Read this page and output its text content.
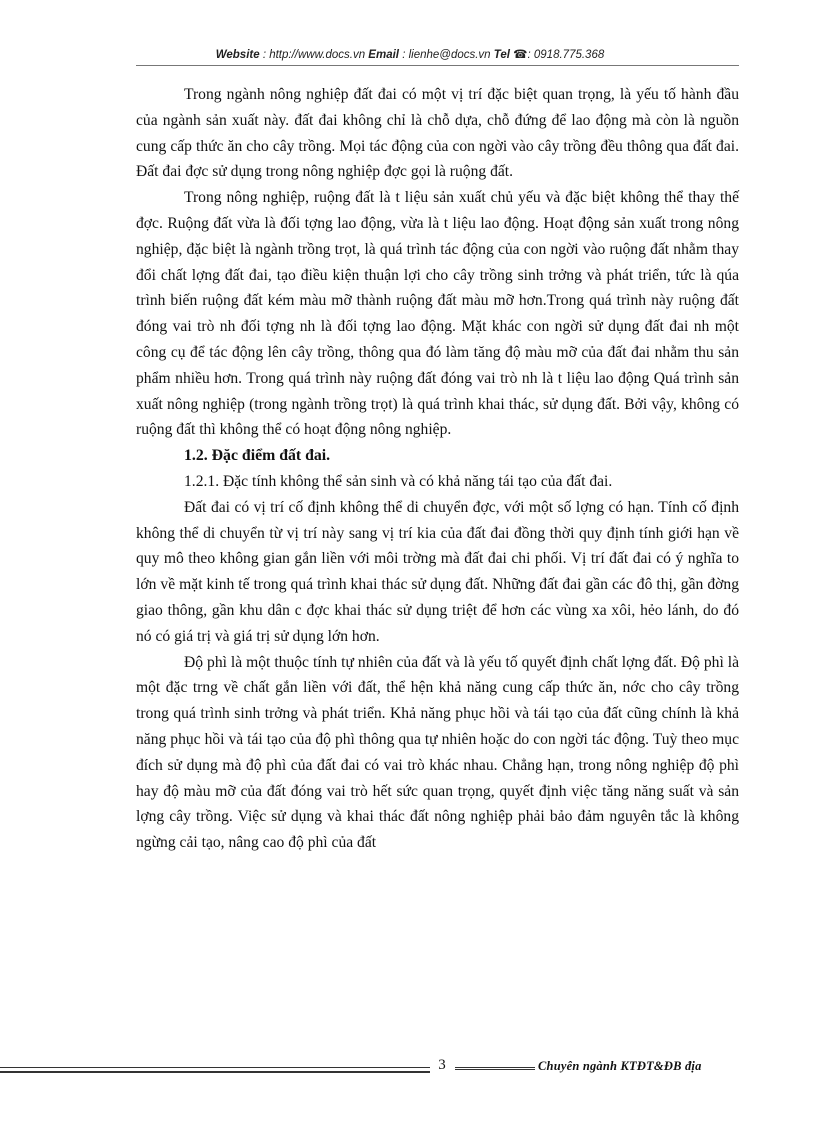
Website : http://www.docs.vn Email : lienhe@docs.vn Tel ☎: 0918.775.368

Trong ngành nông nghiệp đất đai có một vị trí đặc biệt quan trọng, là yếu tố hành đầu của ngành sản xuất này. đất đai không chỉ là chỗ dựa, chỗ đứng để lao động mà còn là nguồn cung cấp thức ăn cho cây trồng. Mọi tác động của con ngời vào cây trồng đều thông qua đất đai. Đất đai đợc sử dụng trong nông nghiệp đợc gọi là ruộng đất.

Trong nông nghiệp, ruộng đất là t liệu sản xuất chủ yếu và đặc biệt không thể thay thế đợc. Ruộng đất vừa là đối tợng lao động, vừa là t liệu lao động. Hoạt động sản xuất trong nông nghiệp, đặc biệt là ngành trồng trọt, là quá trình tác động của con ngời vào ruộng đất nhằm thay đổi chất lợng đất đai, tạo điều kiện thuận lợi cho cây trồng sinh trởng và phát triển, tức là qúa trình biến ruộng đất kém màu mỡ thành ruộng đất màu mỡ hơn.Trong quá trình này ruộng đất đóng vai trò nh đối tợng nh là đối tợng lao động. Mặt khác con ngời sử dụng đất đai nh một công cụ để tác động lên cây trồng, thông qua đó làm tăng độ màu mỡ của đất đai nhằm thu sản phẩm nhiều hơn. Trong quá trình này ruộng đất đóng vai trò nh là t liệu lao động Quá trình sản xuất nông nghiệp (trong ngành trồng trọt) là quá trình khai thác, sử dụng đất. Bởi vậy, không có ruộng đất thì không thể có hoạt động nông nghiệp.

1.2. Đặc điểm đất đai.

1.2.1. Đặc tính không thể sản sinh và có khả năng tái tạo của đất đai.

Đất đai có vị trí cố định không thể di chuyển đợc, với một số lợng có hạn. Tính cố định không thể di chuyển từ vị trí này sang vị trí kia của đất đai đồng thời quy định tính giới hạn về quy mô theo không gian gắn liền với môi trờng mà đất đai chi phối. Vị trí đất đai có ý nghĩa to lớn về mặt kinh tế trong quá trình khai thác sử dụng đất. Những đất đai gần các đô thị, gần đờng giao thông, gần khu dân c đợc khai thác sử dụng triệt để hơn các vùng xa xôi, hẻo lánh, do đó nó có giá trị và giá trị sử dụng lớn hơn.

Độ phì là một thuộc tính tự nhiên của đất và là yếu tố quyết định chất lợng đất. Độ phì là một đặc trng về chất gắn liền với đất, thể hện khả năng cung cấp thức ăn, nớc cho cây trồng trong quá trình sinh trởng và phát triển. Khả năng phục hồi và tái tạo của đất cũng chính là khả năng phục hồi và tái tạo của độ phì thông qua tự nhiên hoặc do con ngời tác động. Tuỳ theo mục đích sử dụng mà độ phì của đất đai có vai trò khác nhau. Chẳng hạn, trong nông nghiệp độ phì hay độ màu mỡ của đất đóng vai trò hết sức quan trọng, quyết định việc tăng năng suất và sản lợng cây trồng. Việc sử dụng và khai thác đất nông nghiệp phải bảo đảm nguyên tắc là không ngừng cải tạo, nâng cao độ phì của đất

3	Chuyên ngành KTĐT&ĐB địa
